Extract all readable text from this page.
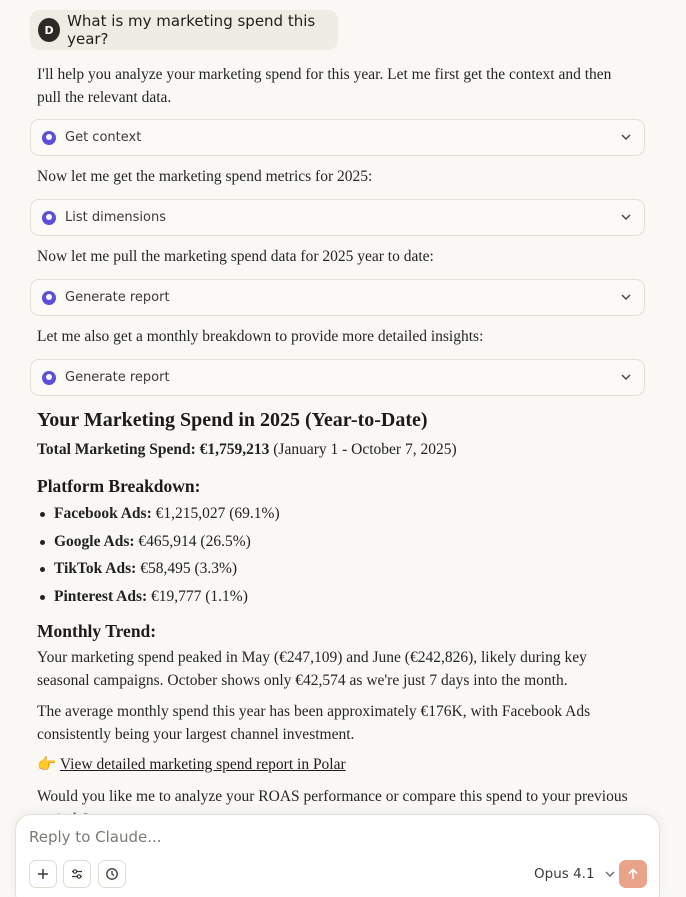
D What is my marketing spend this year?

I'll help you analyze your marketing spend for this year. Let me first get the context and then pull the relevant data.

Get context

Now let me get the marketing spend metrics for 2025:

List dimensions

Now let me pull the marketing spend data for 2025 year to date:

Generate report

Let me also get a monthly breakdown to provide more detailed insights:

Generate report
Your Marketing Spend in 2025 (Year-to-Date)
Total Marketing Spend: €1,759,213 (January 1 - October 7, 2025)
Platform Breakdown:
Facebook Ads: €1,215,027 (69.1%)
Google Ads: €465,914 (26.5%)
TikTok Ads: €58,495 (3.3%)
Pinterest Ads: €19,777 (1.1%)
Monthly Trend:

Your marketing spend peaked in May (€247,109) and June (€242,826), likely during key seasonal campaigns. October shows only €42,574 as we're just 7 days into the month.

The average monthly spend this year has been approximately €176K, with Facebook Ads consistently being your largest channel investment.

👉 View detailed marketing spend report in Polar

Would you like me to analyze your ROAS performance or compare this spend to your previous

Reply to Claude...
Opus 4.1
